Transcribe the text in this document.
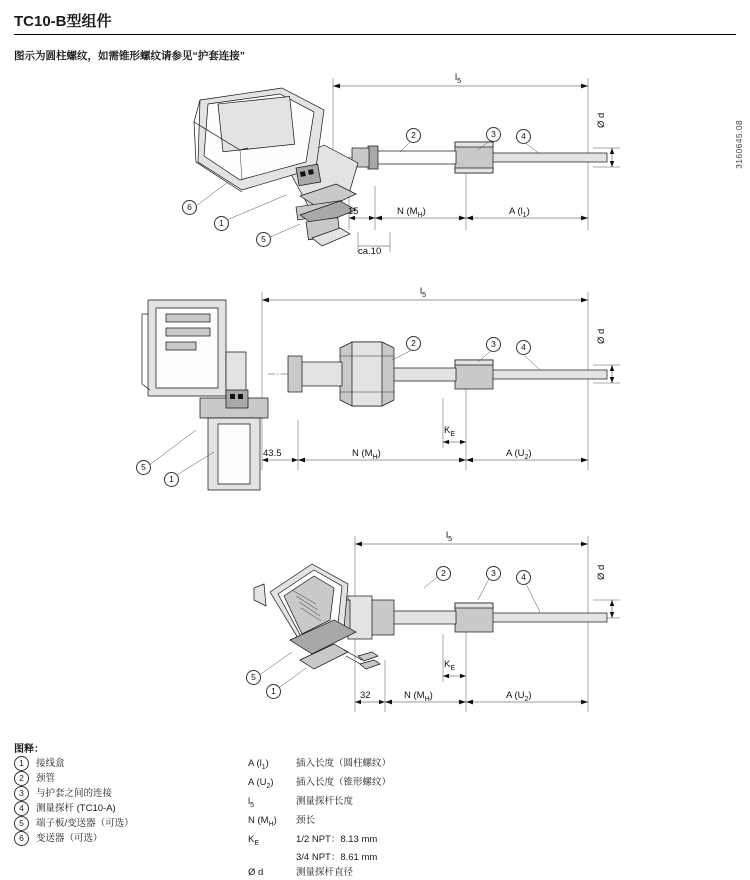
TC10-B型组件
图示为圆柱螺纹，如需锥形螺纹请参见“护套连接”
3160645.08
6
1
5
2	3	4
$l_5$
Ø d
15	N $(M_H)$	A $(l_1)$
ca.10
5
1
2	3	4
$l_5$
Ø d
$K_E$
43.5	N $(M_H)$	A $(U_2)$
5
1
2	3	4
$l_5$
Ø d
$K_E$
32	N $(M_H)$	A $(U_2)$
图释：
1	接线盒
2	颈管
3	与护套之间的连接
4	测量探杆 (TC10-A)
5	端子板/变送器（可选）
6	变送器（可选）
A $(l_1)$	插入长度（圆柱螺纹）
A $(U_2)$	插入长度（锥形螺纹）
$l_5$	测量探杆长度
N $(M_H)$	颈长
$K_E$	1/2 NPT：8.13 mm
3/4 NPT：8.61 mm
Ø d	测量探杆直径
